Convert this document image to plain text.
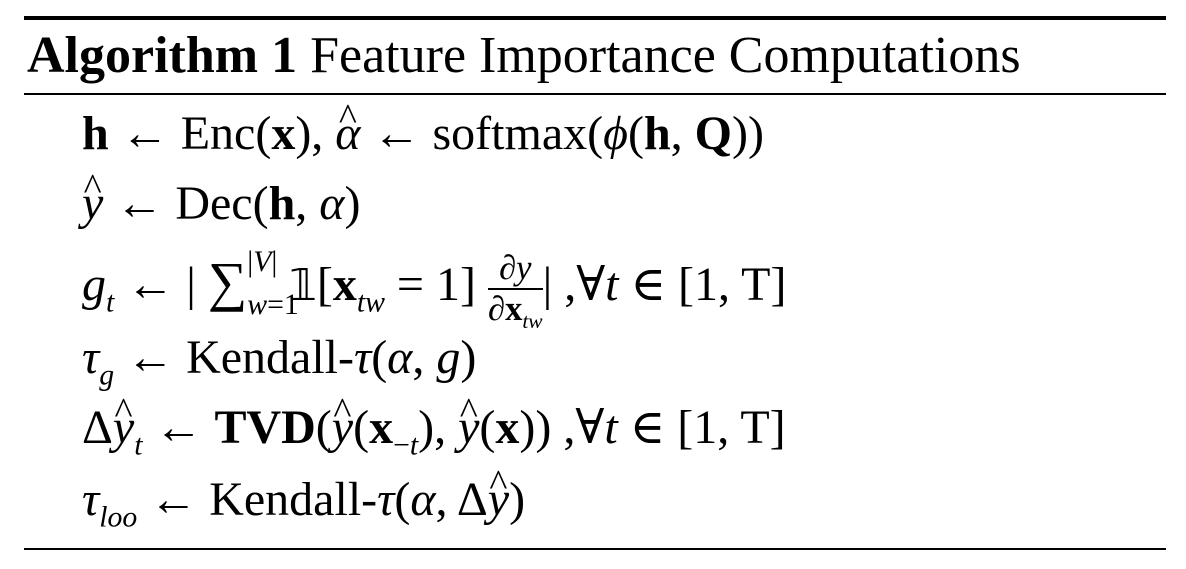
Algorithm 1 Feature Importance Computations
h ← Enc(x), ^ α ← softmax(ϕ(h, Q))
^ y ← Dec(h, α)
$g_t$ ← | ∑|V|
w=1
$𝟙[x_{tw} = 1] \frac{\partial y}{\partial x_{tw}}$ | ,∀t ∈ [1, T]
$\tau_g$ ← Kendall-τ(α, g)
Δ^ $y_t$ ← TVD(^ $y(x_{-t})$, ^ y(x)) ,∀t ∈ [1, T]
$\tau_{loo}$ ← Kendall-τ(α, Δ^ y)
